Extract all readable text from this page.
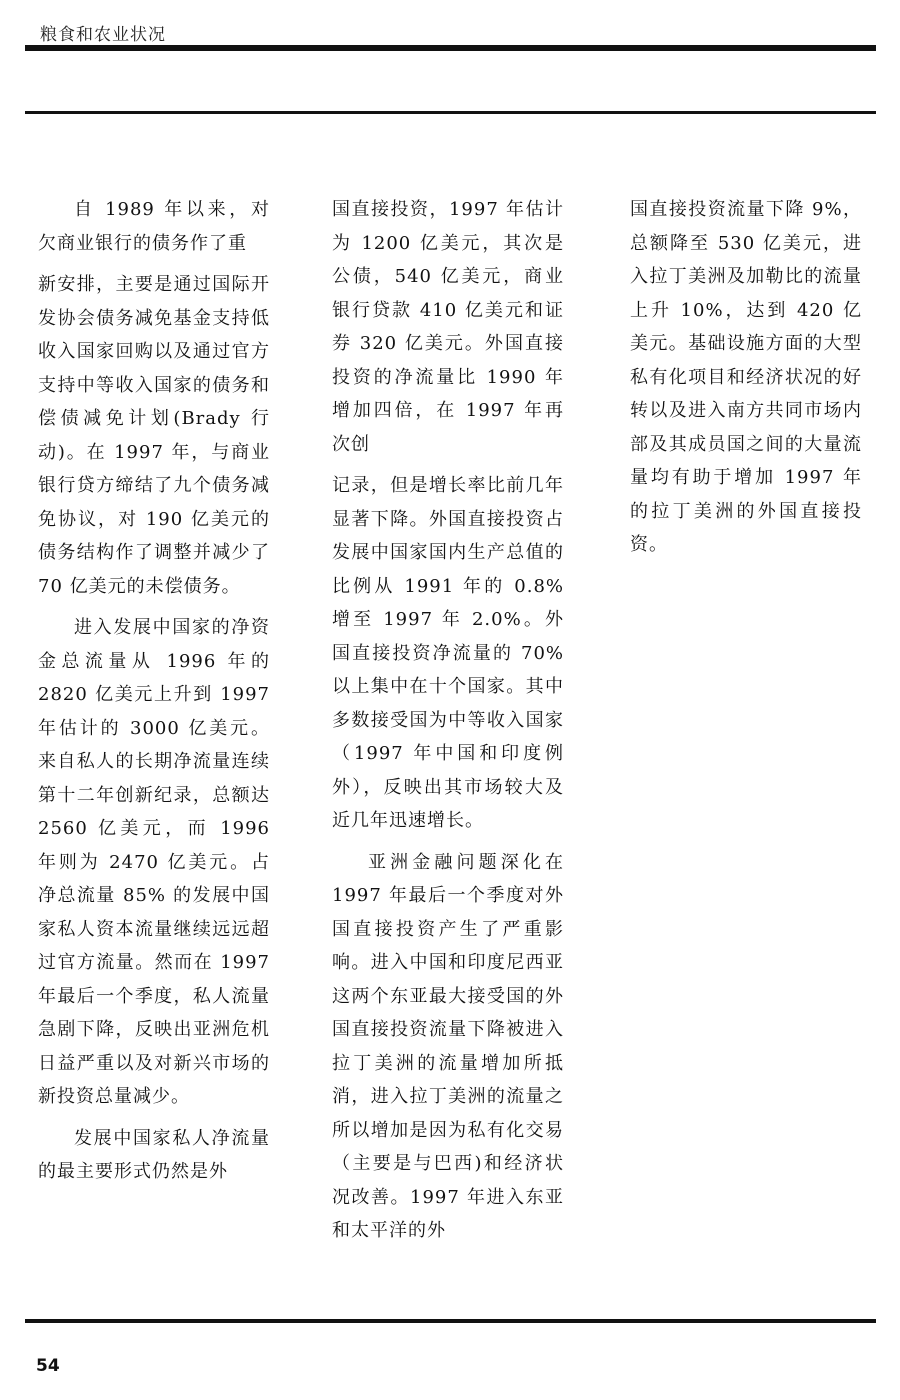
粮食和农业状况

自 1989 年以来，对欠商业银行的债务作了重

新安排，主要是通过国际开发协会债务减免基金支持低收入国家回购以及通过官方支持中等收入国家的债务和偿债减免计划(Brady 行动)。在 1997 年，与商业银行贷方缔结了九个债务减免协议，对 190 亿美元的债务结构作了调整并减少了 70 亿美元的未偿债务。

进入发展中国家的净资金总流量从 1996 年的 2820 亿美元上升到 1997 年估计的 3000 亿美元。来自私人的长期净流量连续第十二年创新纪录，总额达 2560 亿美元，而 1996 年则为 2470 亿美元。占净总流量 85% 的发展中国家私人资本流量继续远远超过官方流量。然而在 1997 年最后一个季度，私人流量急剧下降，反映出亚洲危机日益严重以及对新兴市场的新投资总量减少。

发展中国家私人净流量的最主要形式仍然是外

国直接投资，1997 年估计为 1200 亿美元，其次是公债，540 亿美元，商业银行贷款 410 亿美元和证券 320 亿美元。外国直接投资的净流量比 1990 年增加四倍，在 1997 年再次创

记录，但是增长率比前几年显著下降。外国直接投资占发展中国家国内生产总值的比例从 1991 年的 0.8%增至 1997 年 2.0%。外国直接投资净流量的 70%以上集中在十个国家。其中多数接受国为中等收入国家（1997 年中国和印度例外），反映出其市场较大及近几年迅速增长。

亚洲金融问题深化在 1997 年最后一个季度对外国直接投资产生了严重影响。进入中国和印度尼西亚这两个东亚最大接受国的外国直接投资流量下降被进入拉丁美洲的流量增加所抵消，进入拉丁美洲的流量之所以增加是因为私有化交易（主要是与巴西)和经济状况改善。1997 年进入东亚和太平洋的外

国直接投资流量下降 9%，总额降至 530 亿美元，进入拉丁美洲及加勒比的流量上升 10%，达到 420 亿美元。基础设施方面的大型私有化项目和经济状况的好转以及进入南方共同市场内部及其成员国之间的大量流量均有助于增加 1997 年的拉丁美洲的外国直接投资。

54
